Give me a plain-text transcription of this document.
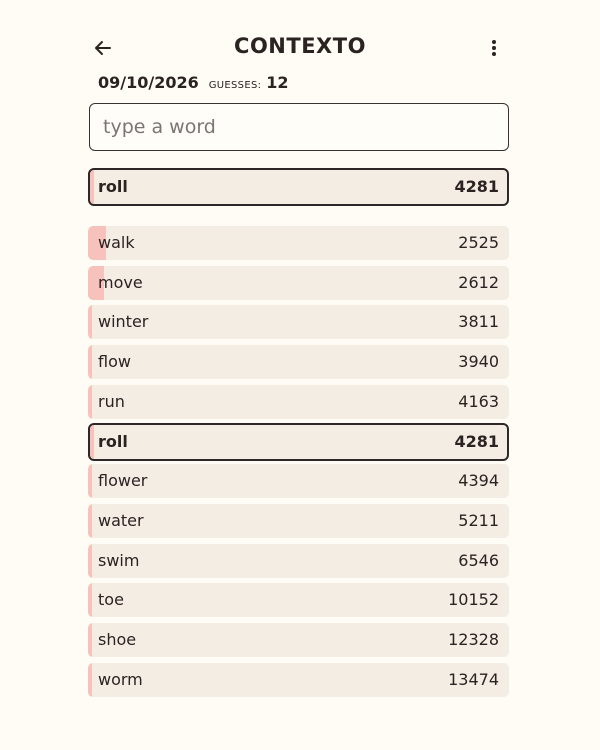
CONTEXTO
09/10/2026 GUESSES: 12
type a word
roll	4281
walk	2525
move	2612
winter	3811
flow	3940
run	4163
roll	4281
flower	4394
water	5211
swim	6546
toe	10152
shoe	12328
worm	13474
